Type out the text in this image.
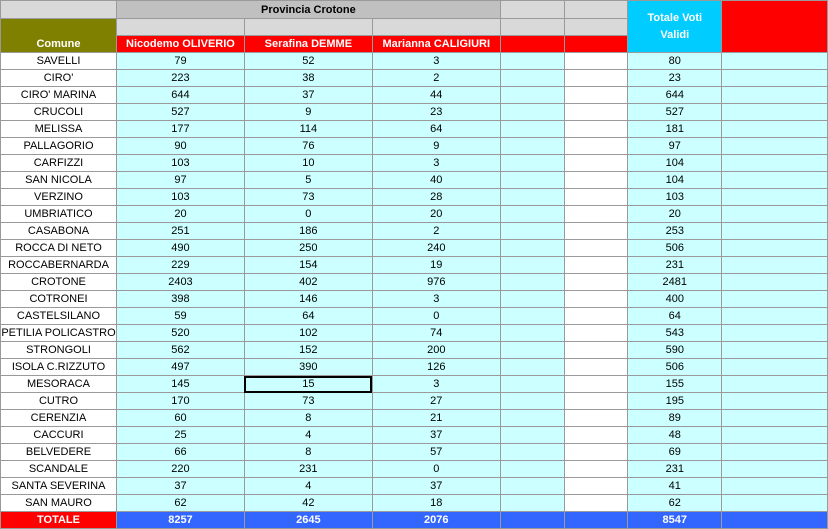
	Provincia Crotone					Totale Voti
Validi	
Comune							
	Nicodemo OLIVERIO	Serafina DEMME	Marianna CALIGIURI				
SAVELLI	79	52	3			80	
CIRO'	223	38	2			23	
CIRO' MARINA	644	37	44			644	
CRUCOLI	527	9	23			527	
MELISSA	177	114	64			181	
PALLAGORIO	90	76	9			97	
CARFIZZI	103	10	3			104	
SAN NICOLA	97	5	40			104	
VERZINO	103	73	28			103	
UMBRIATICO	20	0	20			20	
CASABONA	251	186	2			253	
ROCCA DI NETO	490	250	240			506	
ROCCABERNARDA	229	154	19			231	
CROTONE	2403	402	976			2481	
COTRONEI	398	146	3			400	
CASTELSILANO	59	64	0			64	
PETILIA POLICASTRO	520	102	74			543	
STRONGOLI	562	152	200			590	
ISOLA C.RIZZUTO	497	390	126			506	
MESORACA	145	15	3			155	
CUTRO	170	73	27			195	
CERENZIA	60	8	21			89	
CACCURI	25	4	37			48	
BELVEDERE	66	8	57			69	
SCANDALE	220	231	0			231	
SANTA SEVERINA	37	4	37			41	
SAN MAURO	62	42	18			62	
TOTALE	8257	2645	2076			8547	
